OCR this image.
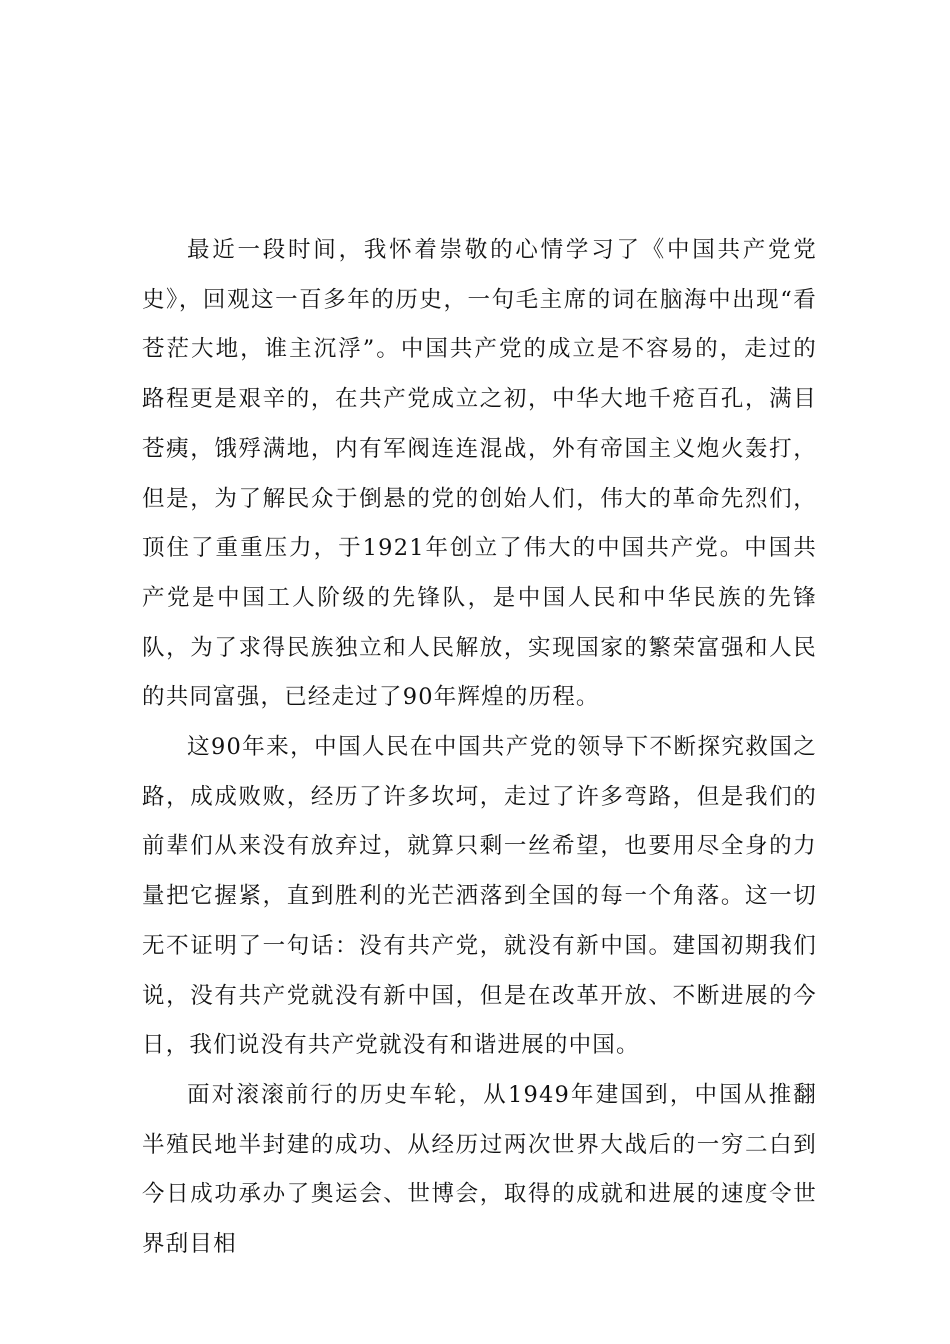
最近一段时间，我怀着崇敬的心情学习了《中国共产党党史》，回观这一百多年的历史，一句毛主席的词在脑海中出现“看苍茫大地，谁主沉浮”。中国共产党的成立是不容易的，走过的路程更是艰辛的，在共产党成立之初，中华大地千疮百孔，满目苍痍，饿殍满地，内有军阀连连混战，外有帝国主义炮火轰打，但是，为了解民众于倒悬的党的创始人们，伟大的革命先烈们，顶住了重重压力，于1921年创立了伟大的中国共产党。中国共产党是中国工人阶级的先锋队，是中国人民和中华民族的先锋队，为了求得民族独立和人民解放，实现国家的繁荣富强和人民的共同富强，已经走过了90年辉煌的历程。

这90年来，中国人民在中国共产党的领导下不断探究救国之路，成成败败，经历了许多坎坷，走过了许多弯路，但是我们的前辈们从来没有放弃过，就算只剩一丝希望，也要用尽全身的力量把它握紧，直到胜利的光芒洒落到全国的每一个角落。这一切无不证明了一句话：没有共产党，就没有新中国。建国初期我们说，没有共产党就没有新中国，但是在改革开放、不断进展的今日，我们说没有共产党就没有和谐进展的中国。

面对滚滚前行的历史车轮，从1949年建国到，中国从推翻半殖民地半封建的成功、从经历过两次世界大战后的一穷二白到今日成功承办了奥运会、世博会，取得的成就和进展的速度令世界刮目相
